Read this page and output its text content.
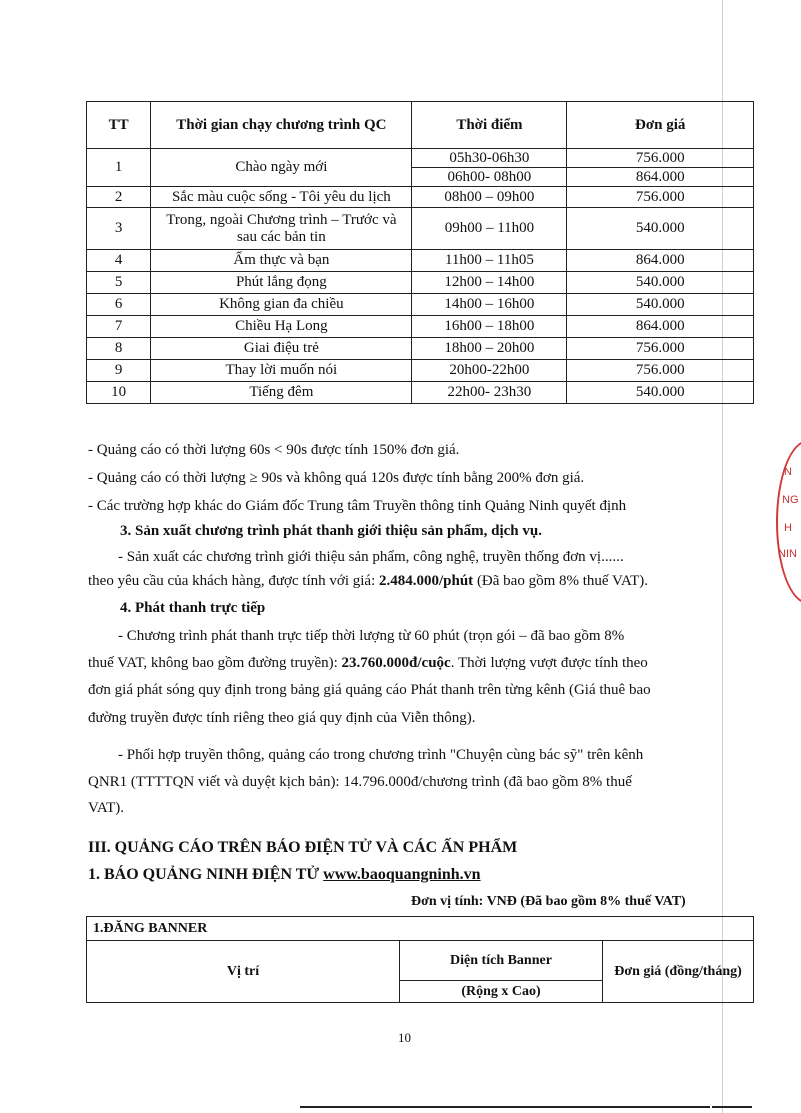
N
NG
H
NIN
TT	Thời gian chạy chương trình QC	Thời điểm	Đơn giá
1	Chào ngày mới	05h30-06h30	756.000
		06h00- 08h00	864.000
2	Sắc màu cuộc sống - Tôi yêu du lịch	08h00 – 09h00	756.000
3	Trong, ngoài Chương trình – Trước và sau các bản tin	09h00 – 11h00	540.000
4	Ẩm thực và bạn	11h00 – 11h05	864.000
5	Phút lắng đọng	12h00 – 14h00	540.000
6	Không gian đa chiều	14h00 – 16h00	540.000
7	Chiều Hạ Long	16h00 – 18h00	864.000
8	Giai điệu trẻ	18h00 – 20h00	756.000
9	Thay lời muốn nói	20h00-22h00	756.000
10	Tiếng đêm	22h00- 23h30	540.000
- Quảng cáo có thời lượng 60s < 90s được tính 150% đơn giá.
- Quảng cáo có thời lượng ≥ 90s và không quá 120s được tính bằng 200% đơn giá.
- Các trường hợp khác do Giám đốc Trung tâm Truyền thông tỉnh Quảng Ninh quyết định
3. Sản xuất chương trình phát thanh giới thiệu sản phẩm, dịch vụ.
- Sản xuất các chương trình giới thiệu sản phẩm, công nghệ, truyền thống đơn vị......
theo yêu cầu của khách hàng, được tính với giá: 2.484.000/phút (Đã bao gồm 8% thuế VAT).
4. Phát thanh trực tiếp
- Chương trình phát thanh trực tiếp thời lượng từ 60 phút (trọn gói – đã bao gồm 8%
thuế VAT, không bao gồm đường truyền): 23.760.000đ/cuộc. Thời lượng vượt được tính theo
đơn giá phát sóng quy định trong bảng giá quảng cáo Phát thanh trên từng kênh (Giá thuê bao
đường truyền được tính riêng theo giá quy định của Viễn thông).
- Phối hợp truyền thông, quảng cáo trong chương trình "Chuyện cùng bác sỹ" trên kênh
QNR1 (TTTTQN viết và duyệt kịch bản): 14.796.000đ/chương trình (đã bao gồm 8% thuế
VAT).
III. QUẢNG CÁO TRÊN BÁO ĐIỆN TỬ VÀ CÁC ẤN PHẨM
1. BÁO QUẢNG NINH ĐIỆN TỬ www.baoquangninh.vn
Đơn vị tính: VNĐ (Đã bao gồm 8% thuế VAT)
1.ĐĂNG BANNER
Vị trí	Diện tích Banner	Đơn giá (đồng/tháng)
(Rộng x Cao)
10
